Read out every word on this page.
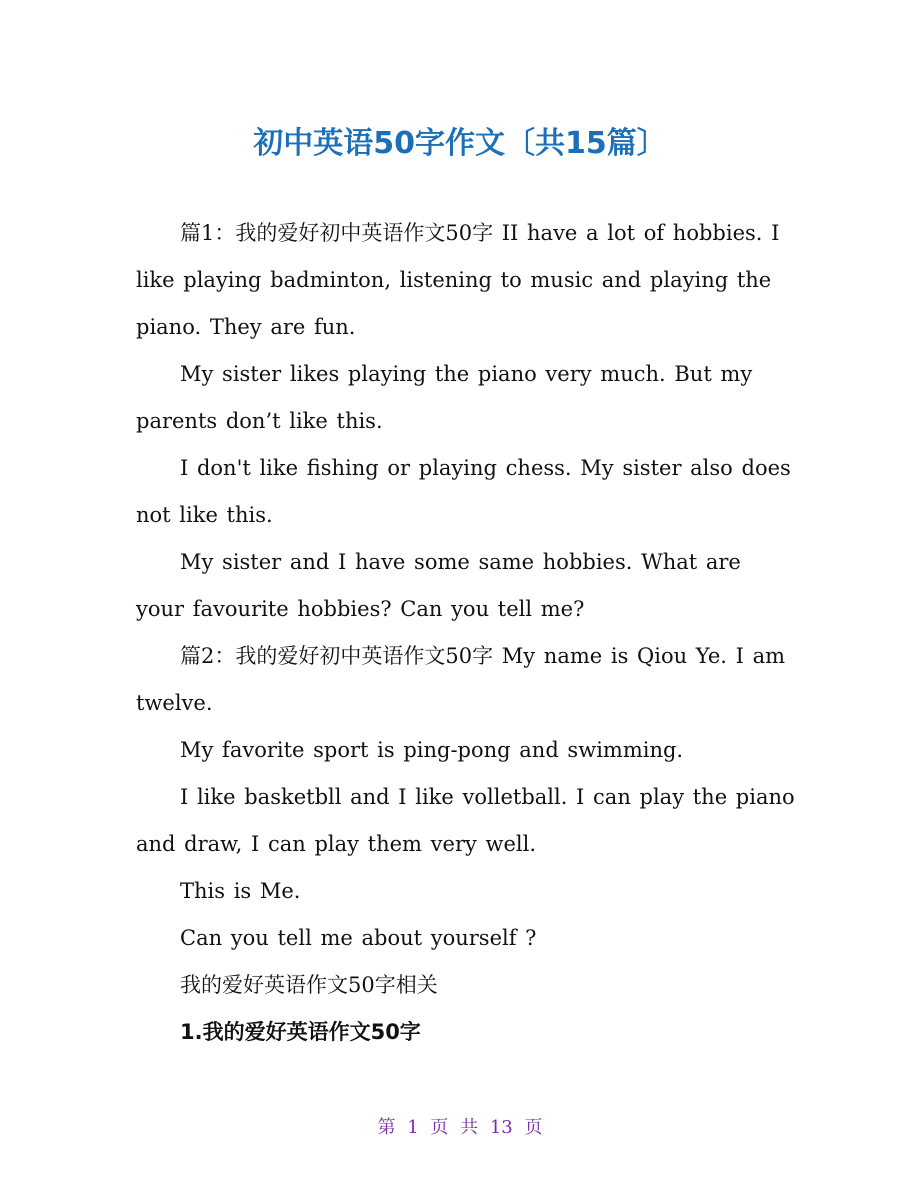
初中英语50字作文〔共15篇〕

篇1：我的爱好初中英语作文50字 II have a lot of hobbies. I like playing badminton, listening to music and playing the piano. They are fun.

My sister likes playing the piano very much. But my parents don’t like this.

I don't like fishing or playing chess. My sister also does not like this.

My sister and I have some same hobbies. What are your favourite hobbies? Can you tell me?

篇2：我的爱好初中英语作文50字 My name is Qiou Ye. I am twelve.

My favorite sport is ping-pong and swimming.

I like basketbll and I like volletball. I can play the piano and draw, I can play them very well.

This is Me.

Can you tell me about yourself ?

我的爱好英语作文50字相关

1.我的爱好英语作文50字

第 1 页 共 13 页
